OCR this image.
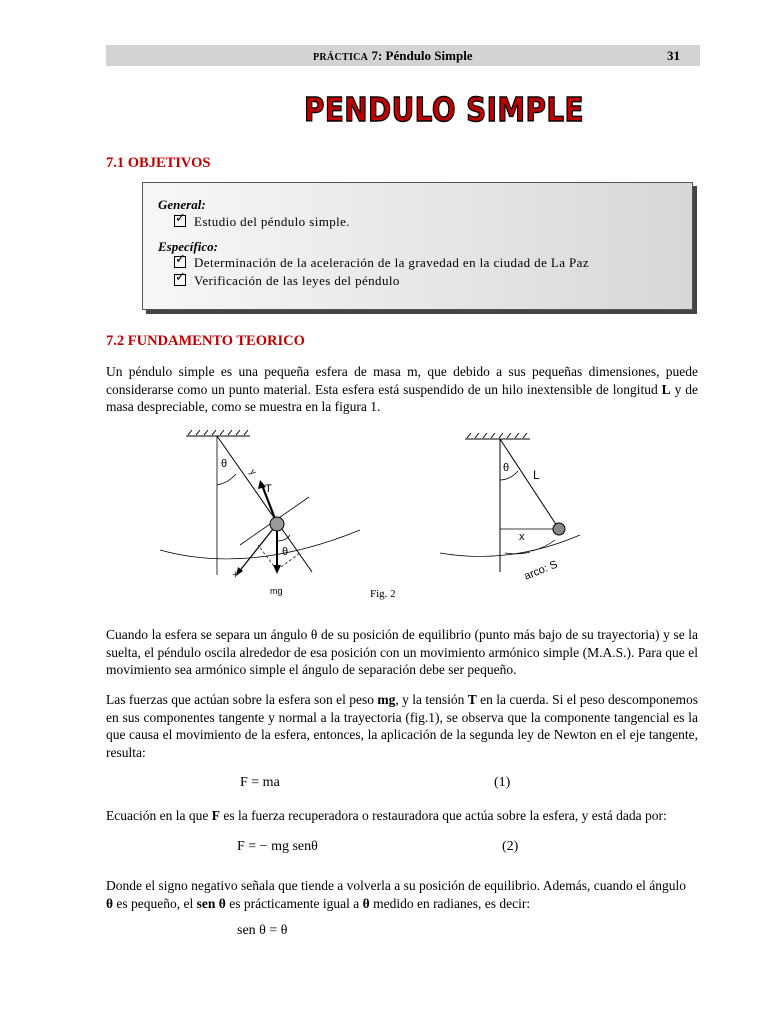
PRÁCTICA 7: Péndulo Simple	31
PENDULO SIMPLE
7.1 OBJETIVOS
General:
✓Estudio del péndulo simple.
Específico:
✓Determinación de la aceleración de la gravedad en la ciudad de La Paz
✓Verificación de las leyes del péndulo
7.2 FUNDAMENTO TEORICO
Un péndulo simple es una pequeña esfera de masa m, que debido a sus pequeñas dimensiones, puede considerarse como un punto material. Esta esfera está suspendido de un hilo inextensible de longitud L y de masa despreciable, como se muestra en la figura 1.
θ
y
T
x
θ
mg	Fig. 2
θ L
x
arco: S
Cuando la esfera se separa un ángulo θ de su posición de equilibrio (punto más bajo de su trayectoria) y se la suelta, el péndulo oscila alrededor de esa posición con un movimiento armónico simple (M.A.S.). Para que el movimiento sea armónico simple el ángulo de separación debe ser pequeño.
Las fuerzas que actúan sobre la esfera son el peso mg, y la tensión T en la cuerda. Si el peso descomponemos en sus componentes tangente y normal a la trayectoria (fig.1), se observa que la componente tangencial es la que causa el movimiento de la esfera, entonces, la aplicación de la segunda ley de Newton en el eje tangente, resulta:
F = ma	(1)
Ecuación en la que F es la fuerza recuperadora o restauradora que actúa sobre la esfera, y está dada por:
F = − mg senθ	(2)
Donde el signo negativo señala que tiende a volverla a su posición de equilibrio. Además, cuando el ángulo
θ es pequeño, el sen θ es prácticamente igual a θ medido en radianes, es decir:
sen θ = θ
